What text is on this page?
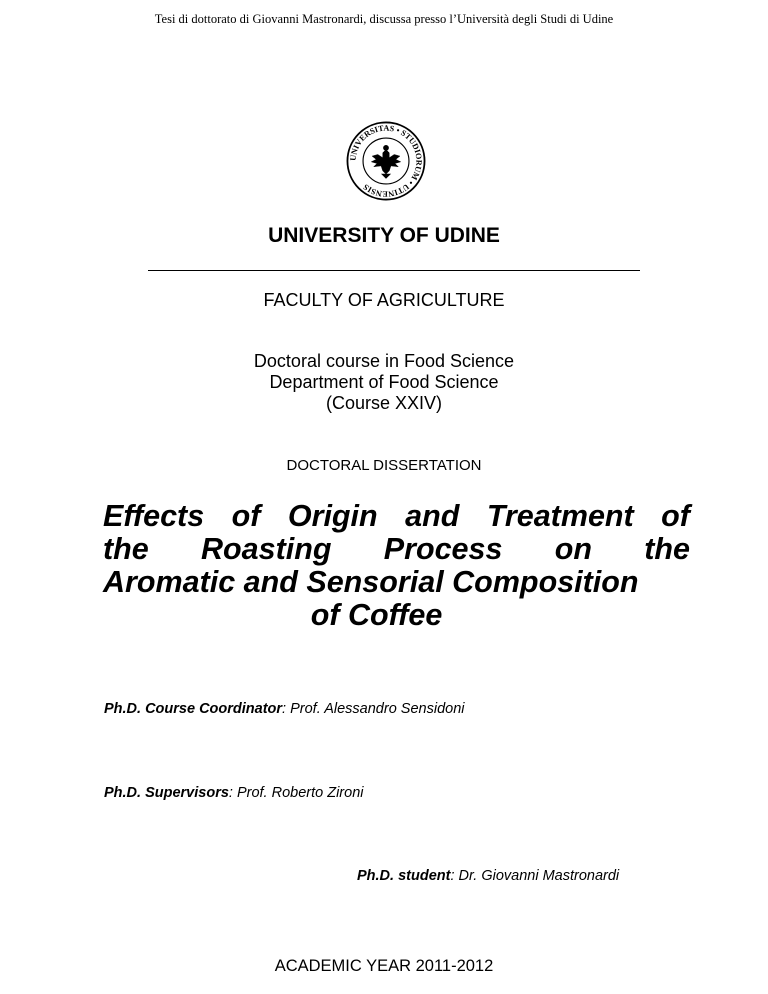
Tesi di dottorato di Giovanni Mastronardi, discussa presso l’Università degli Studi di Udine
UNIVERSITAS • STUDIORUM • UTINENSIS
UNIVERSITY OF UDINE
FACULTY OF AGRICULTURE
Doctoral course in Food Science
Department of Food Science
(Course XXIV)
DOCTORAL DISSERTATION
Effects of Origin and Treatment of
the Roasting Process on the
Aromatic and Sensorial Composition
of Coffee
Ph.D. Course Coordinator: Prof. Alessandro Sensidoni
Ph.D. Supervisors: Prof. Roberto Zironi
Ph.D. student: Dr. Giovanni Mastronardi
ACADEMIC YEAR 2011-2012
